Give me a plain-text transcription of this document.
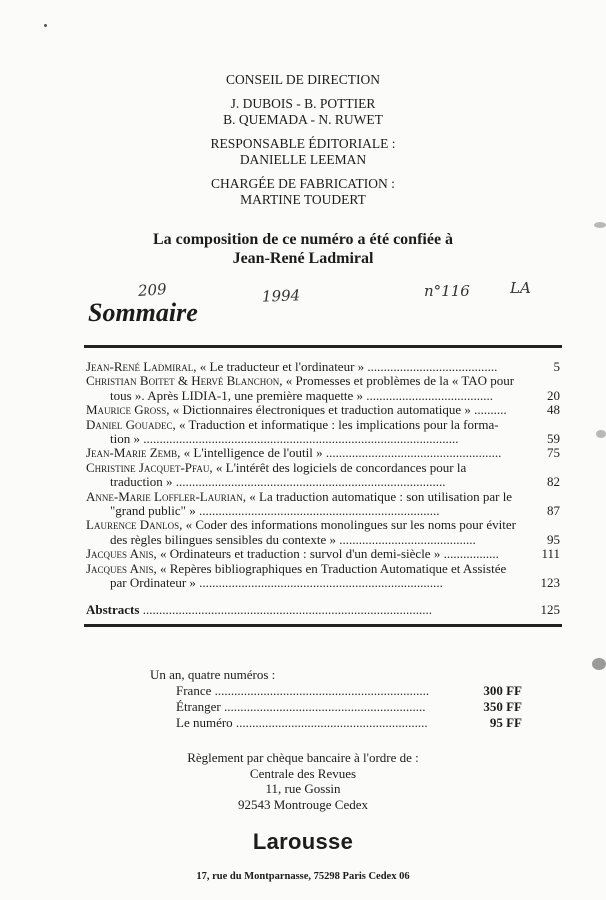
CONSEIL DE DIRECTION
J. DUBOIS - B. POTTIER
B. QUEMADA - N. RUWET
RESPONSABLE ÉDITORIALE :
DANIELLE LEEMAN
CHARGÉE DE FABRICATION :
MARTINE TOUDERT
La composition de ce numéro a été confiée à
Jean-René Ladmiral
209	1994	n°116	LA
Sommaire
Jean-René Ladmiral, « Le traducteur et l'ordinateur » ........................................	5
Christian Boitet & Hervé Blanchon, « Promesses et problèmes de la « TAO pour
tous ». Après LIDIA-1, une première maquette » .......................................	20
Maurice Gross, « Dictionnaires électroniques et traduction automatique » ..........	48
Daniel Gouadec, « Traduction et informatique : les implications pour la forma-
tion » .................................................................................................	59
Jean-Marie Zemb, « L'intelligence de l'outil » ......................................................	75
Christine Jacquet-Pfau, « L'intérêt des logiciels de concordances pour la
traduction » ...................................................................................	82
Anne-Marie Loffler-Laurian, « La traduction automatique : son utilisation par le
"grand public" » ..........................................................................	87
Laurence Danlos, « Coder des informations monolingues sur les noms pour éviter
des règles bilingues sensibles du contexte » ..........................................	95
Jacques Anis, « Ordinateurs et traduction : survol d'un demi-siècle » .................	111
Jacques Anis, « Repères bibliographiques en Traduction Automatique et Assistée
par Ordinateur » ...........................................................................	123
Abstracts .........................................................................................	125
Un an, quatre numéros :
France ..................................................................	300 FF
Étranger ..............................................................	350 FF
Le numéro ...........................................................	95 FF
Règlement par chèque bancaire à l'ordre de :
Centrale des Revues
11, rue Gossin
92543 Montrouge Cedex
Larousse
17, rue du Montparnasse, 75298 Paris Cedex 06
